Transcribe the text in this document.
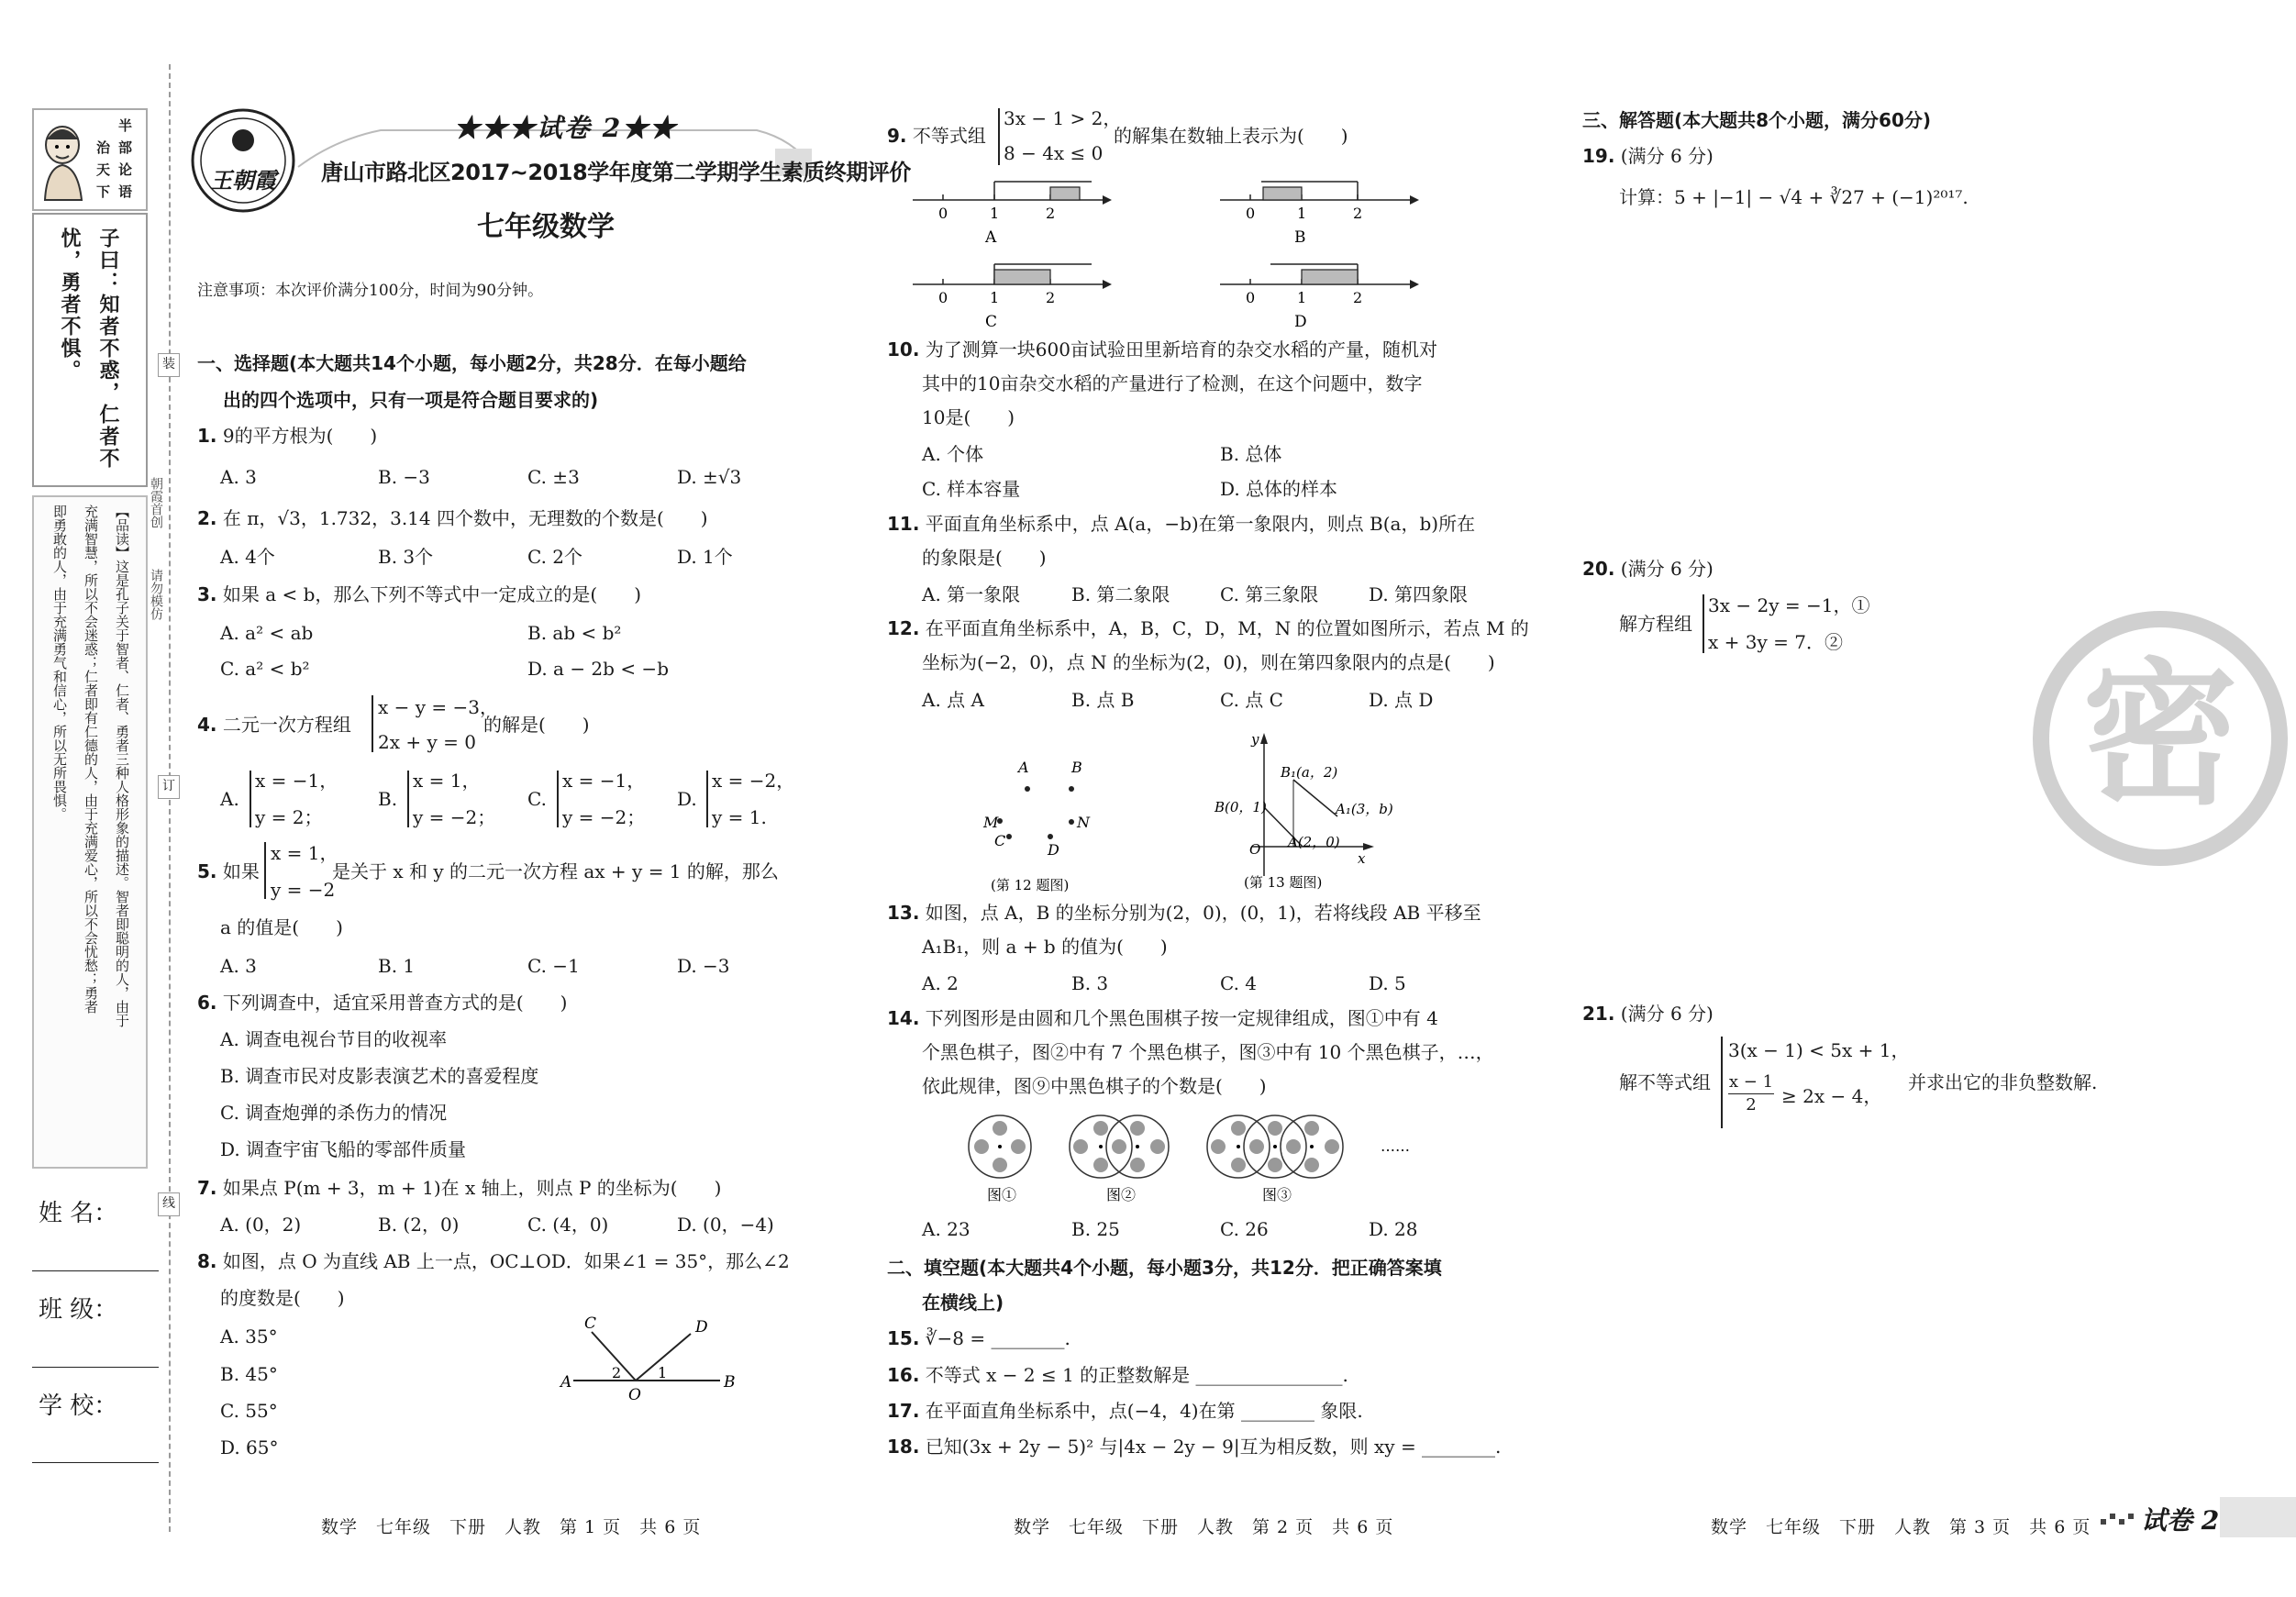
半
部
论
语
治
天
下
子曰：知者不惑，仁者不
忧，勇者不惧。
【品读】这是孔子关于智者、仁者、勇者三种人格形象的描述。智者即聪明的人，由于
充满智慧，所以不会迷惑；仁者即有仁德的人，由于充满爱心，所以不会忧愁；勇者
即勇敢的人，由于充满勇气和信心，所以无所畏惧。
姓 名：
班 级：
学 校：
装
订
线
朝霞首创
请勿模仿
王朝霞
★★★试卷 2★★
唐山市路北区2017~2018学年度第二学期学生素质终期评价
七年级数学
注意事项：本次评价满分100分，时间为90分钟。
一、选择题(本大题共14个小题，每小题2分，共28分．在每小题给
出的四个选项中，只有一项是符合题目要求的)
1. 9的平方根为(　　)
A. 3	B. −3	C. ±3	D. ±√3
2. 在 π，√3，1.732，3.14 四个数中，无理数的个数是(　　)
A. 4个	B. 3个	C. 2个	D. 1个
3. 如果 a < b，那么下列不等式中一定成立的是(　　)
A. a² < ab	B. ab < b²
C. a² < b²	D. a − 2b < −b
4. 二元一次方程组
x − y = −3，
2x + y = 0
的解是(　　)
A.
x = −1，
y = 2；
B.
x = 1，
y = −2；
C.
x = −1，
y = −2；
D.
x = −2，
y = 1.
5. 如果
x = 1，
y = −2
是关于 x 和 y 的二元一次方程 ax + y = 1 的解，那么
a 的值是(　　)
A. 3	B. 1	C. −1	D. −3
6. 下列调查中，适宜采用普查方式的是(　　)
A. 调查电视台节目的收视率
B. 调查市民对皮影表演艺术的喜爱程度
C. 调查炮弹的杀伤力的情况
D. 调查宇宙飞船的零部件质量
7. 如果点 P(m + 3，m + 1)在 x 轴上，则点 P 的坐标为(　　)
A. (0，2)	B. (2，0)	C. (4，0)	D. (0，−4)
8. 如图，点 O 为直线 AB 上一点，OC⊥OD．如果∠1 = 35°，那么∠2
的度数是(　　)
A. 35°
B. 45°
C. 55°
D. 65°
C	D
A	B
O
2 1
数学　七年级　下册　人教　第 1 页　共 6 页
9. 不等式组
3x − 1 > 2，
8 − 4x ≤ 0
的解集在数轴上表示为(　　)
0	1	2
A
0	1	2
B
0	1	2
C
0	1	2
D
10. 为了测算一块600亩试验田里新培育的杂交水稻的产量，随机对
其中的10亩杂交水稻的产量进行了检测，在这个问题中，数字
10是(　　)
A. 个体	B. 总体
C. 样本容量	D. 总体的样本
11. 平面直角坐标系中，点 A(a，−b)在第一象限内，则点 B(a，b)所在
的象限是(　　)
A. 第一象限	B. 第二象限	C. 第三象限	D. 第四象限
12. 在平面直角坐标系中，A，B，C，D，M，N 的位置如图所示，若点 M 的
坐标为(−2，0)，点 N 的坐标为(2，0)，则在第四象限内的点是(　　)
A. 点 A	B. 点 B	C. 点 C	D. 点 D
A	B
M
C
D
N
(第 12 题图)
y
x
O
B₁(a，2)
A₁(3，b)
B(0，1)
A(2，0)
(第 13 题图)
13. 如图，点 A，B 的坐标分别为(2，0)，(0，1)，若将线段 AB 平移至
A₁B₁，则 a + b 的值为(　　)
A. 2	B. 3	C. 4	D. 5
14. 下列图形是由圆和几个黑色围棋子按一定规律组成，图①中有 4
个黑色棋子，图②中有 7 个黑色棋子，图③中有 10 个黑色棋子，…，
依此规律，图⑨中黑色棋子的个数是(　　)
图①	图②	图③
……
A. 23	B. 25	C. 26	D. 28
二、填空题(本大题共4个小题，每小题3分，共12分．把正确答案填
在横线上)
15. ∛−8 = ________.
16. 不等式 x − 2 ≤ 1 的正整数解是 ________________.
17. 在平面直角坐标系中，点(−4，4)在第 ________ 象限.
18. 已知(3x + 2y − 5)² 与|4x − 2y − 9|互为相反数，则 xy = ________.
数学　七年级　下册　人教　第 2 页　共 6 页
三、解答题(本大题共8个小题，满分60分)
19. (满分 6 分)
计算：5 + |−1| − √4 + ∛27 + (−1)²⁰¹⁷.
20. (满分 6 分)
解方程组
3x − 2y = −1，①
x + 3y = 7．②
21. (满分 6 分)
解不等式组
3(x − 1) < 5x + 1，
$\frac{x - 1}{2} \ge 2x - 4$，
并求出它的非负整数解.
密
数学　七年级　下册　人教　第 3 页　共 6 页 试卷 2
